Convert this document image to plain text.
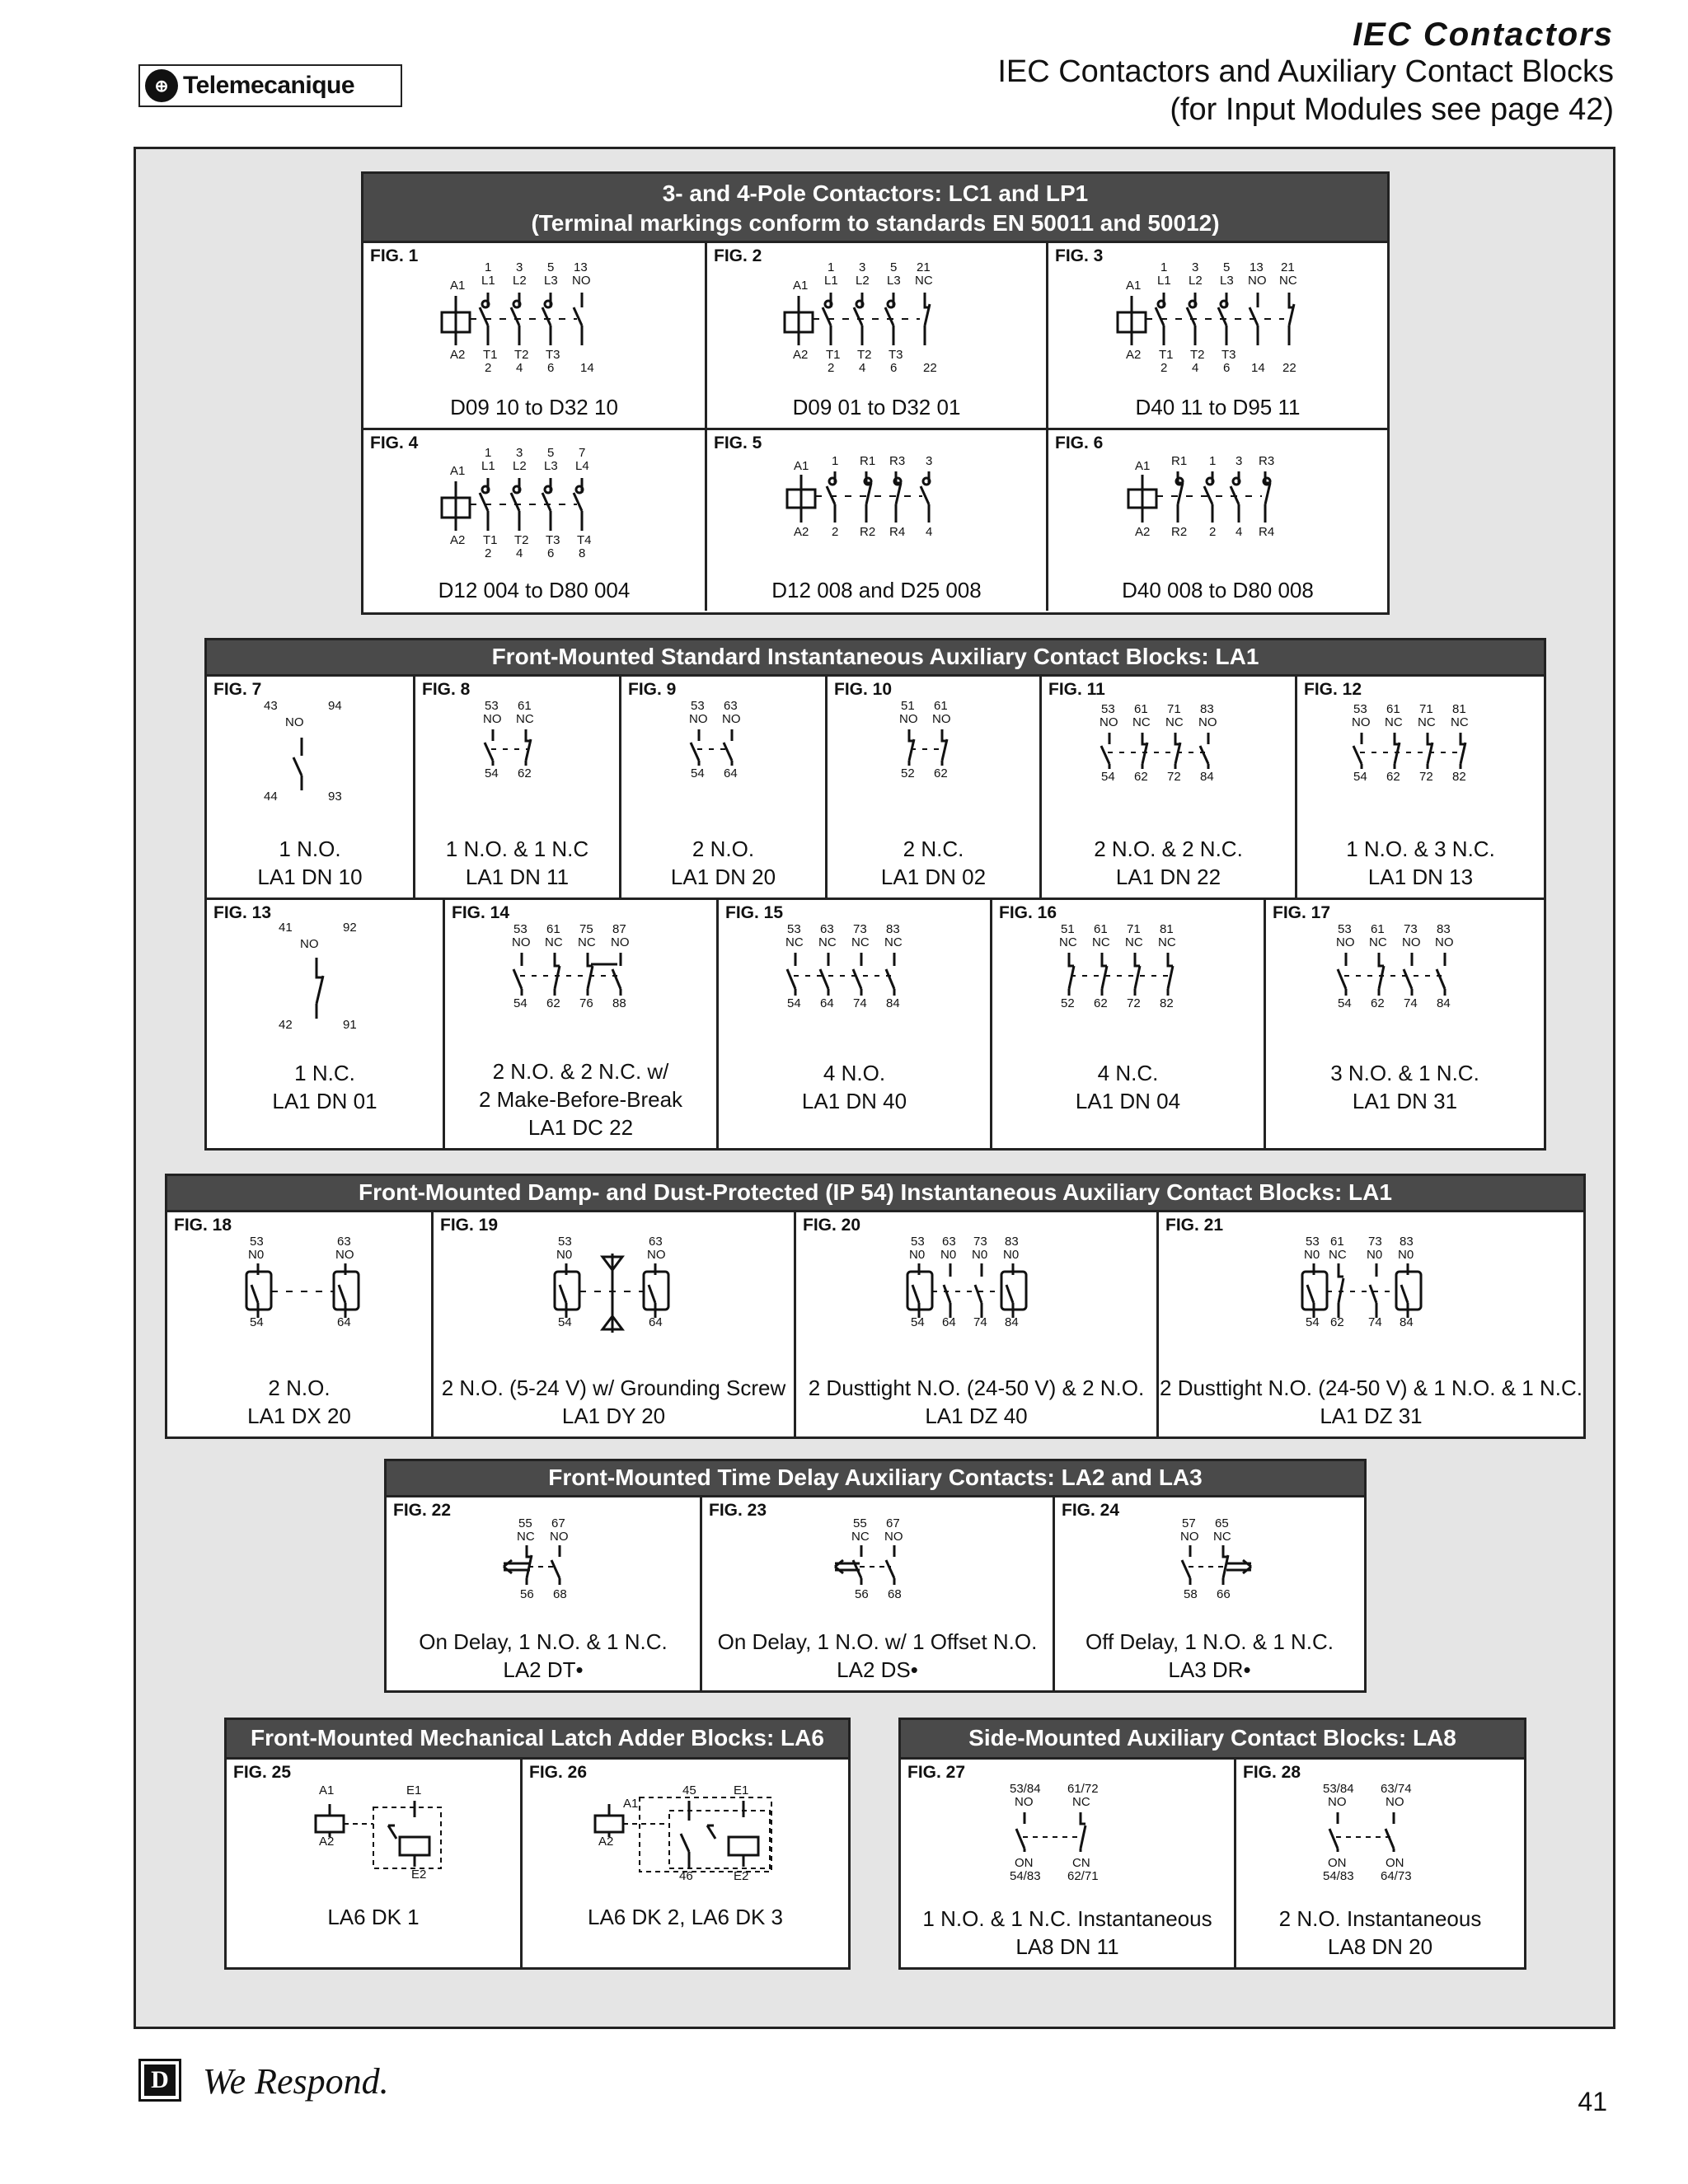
⊕ Telemecanique
IEC Contactors
IEC Contactors and Auxiliary Contact Blocks
(for Input Modules see page 42)
3- and 4-Pole Contactors: LC1 and LP1
(Terminal markings conform to standards EN 50011 and 50012)
FIG. 1
1 3 5 13
L1 L2 L3 NO
A1
A2 T1 T2 T3
2 4 6 14
D09 10 to D32 10
FIG. 2
1 3 5 21
L1 L2 L3 NC
A1
A2 T1 T2 T3
2 4 6 22
D09 01 to D32 01
FIG. 3
1 3 5 13 21
L1 L2 L3 NO NC
A1
A2 T1 T2 T3
2 4 6 14 22
D40 11 to D95 11
FIG. 4
1 3 5 7
L1 L2 L3 L4
A1
A2 T1 T2 T3 T4
2 4 6 8
D12 004 to D80 004
FIG. 5
1 R1 R3 3
A1
A2 2 R2 R4 4
D12 008 and D25 008
FIG. 6
R1 1 3 R3
A1
A2 R2 2 4 R4
D40 008 to D80 008
Front-Mounted Standard Instantaneous Auxiliary Contact Blocks: LA1
FIG. 7
43	94
NO
44	93
1 N.O.
LA1 DN 10
FIG. 8
53 61
NO NC
54 62
1 N.O. & 1 N.C
LA1 DN 11
FIG. 9
53 63
NO NO
54 64
2 N.O.
LA1 DN 20
FIG. 10
51 61
NO NO
52 62
2 N.C.
LA1 DN 02
FIG. 11
53 61 71 83
NO NC NC NO
54 62 72 84
2 N.O. & 2 N.C.
LA1 DN 22
FIG. 12
53 61 71 81
NO NC NC NC
54 62 72 82
1 N.O. & 3 N.C.
LA1 DN 13
FIG. 13
41	92
NO
42	91
1 N.C.
LA1 DN 01
FIG. 14
53 61 75 87
NO NC NC NO
54 62 76 88
2 N.O. & 2 N.C. w/
2 Make-Before-Break
LA1 DC 22
FIG. 15
53 63 73 83
NC NC NC NC
54 64 74 84
4 N.O.
LA1 DN 40
FIG. 16
51 61 71 81
NC NC NC NC
52 62 72 82
4 N.C.
LA1 DN 04
FIG. 17
53 61 73 83
NO NC NO NO
54 62 74 84
3 N.O. & 1 N.C.
LA1 DN 31
Front-Mounted Damp- and Dust-Protected (IP 54) Instantaneous Auxiliary Contact Blocks: LA1
FIG. 18
53	63
N0	NO
54	64
2 N.O.
LA1 DX 20
FIG. 19
53	63
N0	NO
54	64
2 N.O. (5-24 V) w/ Grounding Screw
LA1 DY 20
FIG. 20
53 63 73 83
N0 N0 N0 N0
54 64 74 84
2 Dusttight N.O. (24-50 V) & 2 N.O.
LA1 DZ 40
FIG. 21
53 61 73 83
N0 NC N0 N0
54 62 74 84
2 Dusttight N.O. (24-50 V) & 1 N.O. & 1 N.C.
LA1 DZ 31
Front-Mounted Time Delay Auxiliary Contacts: LA2 and LA3
FIG. 22
55 67
NC NO
56 68
On Delay, 1 N.O. & 1 N.C.
LA2 DT•
FIG. 23
55 67
NC NO
56 68
On Delay, 1 N.O. w/ 1 Offset N.O.
LA2 DS•
FIG. 24
57 65
NO NC
58 66
Off Delay, 1 N.O. & 1 N.C.
LA3 DR•
Front-Mounted Mechanical Latch Adder Blocks: LA6
FIG. 25
A1	E1
A2
E2
LA6 DK 1
FIG. 26
A1
45	E1
A2
46	E2
LA6 DK 2, LA6 DK 3
Side-Mounted Auxiliary Contact Blocks: LA8
FIG. 27
53/84 61/72
NO	NC
ON	CN
54/83 62/71
1 N.O. & 1 N.C. Instantaneous
LA8 DN 11
FIG. 28
53/84 63/74
NO	NO
ON	ON
54/83 64/73
2 N.O. Instantaneous
LA8 DN 20
D We Respond.	41
